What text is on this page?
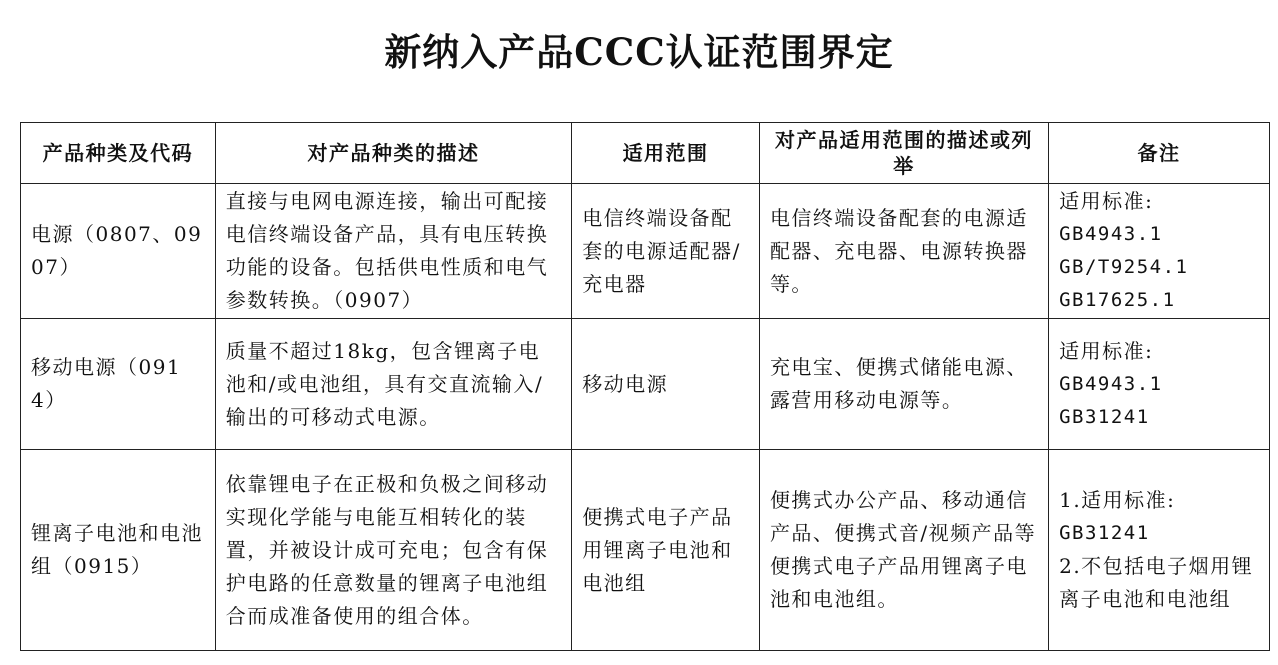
新纳入产品CCC认证范围界定
产品种类及代码	对产品种类的描述	适用范围	对产品适用范围的描述或列举	备注
电源（0807、0907）	直接与电网电源连接，输出可配接电信终端设备产品，具有电压转换功能的设备。包括供电性质和电气参数转换。（0907）	电信终端设备配套的电源适配器/充电器	电信终端设备配套的电源适配器、充电器、电源转换器等。	适用标准:
GB4943.1
GB/T9254.1
GB17625.1

移动电源（0914）	质量不超过18kg，包含锂离子电池和/或电池组，具有交直流输入/输出的可移动式电源。	移动电源	充电宝、便携式储能电源、露营用移动电源等。	适用标准:
GB4943.1
GB31241

锂离子电池和电池组（0915）	依靠锂电子在正极和负极之间移动实现化学能与电能互相转化的装置，并被设计成可充电；包含有保护电路的任意数量的锂离子电池组合而成准备使用的组合体。	便携式电子产品用锂离子电池和电池组	便携式办公产品、移动通信产品、便携式音/视频产品等便携式电子产品用锂离子电池和电池组。	1.适用标准:
GB31241
2.不包括电子烟用锂离子电池和电池组
